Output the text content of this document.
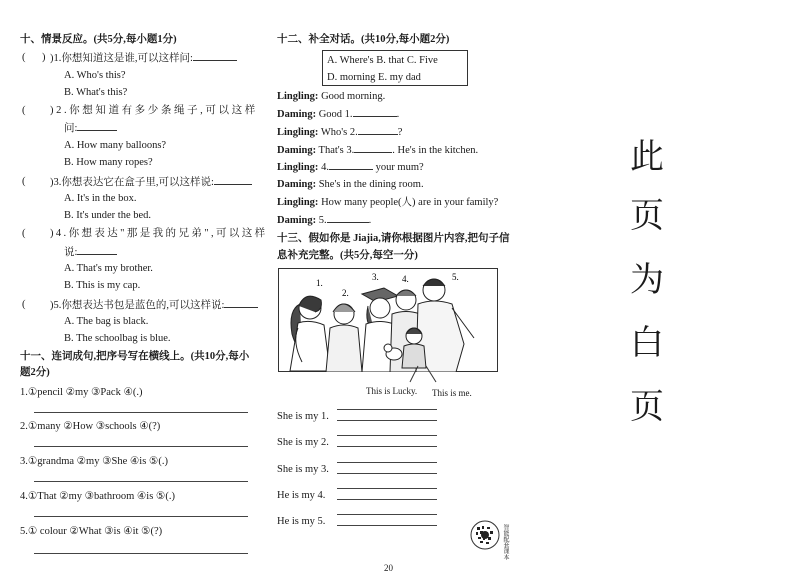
十、情景反应。(共5分,每小题1分)
( )1.你想知道这是谁,可以这样问:
A. Who's this?
B. What's this?
( )2.你想知道有多少条绳子,可以这样
问:
A. How many balloons?
B. How many ropes?
( )3.你想表达它在盒子里,可以这样说:
A. It's in the box.
B. It's under the bed.
( )4.你想表达"那是我的兄弟",可以这样
说:
A. That's my brother.
B. This is my cap.
( )5.你想表达书包是蓝色的,可以这样说:
A. The bag is black.
B. The schoolbag is blue.
)
十一、连词成句,把序号写在横线上。(共10分,每小
题2分)
1.①pencil ②my ③Pack ④(.)
2.①many ②How ③schools ④(?)
3.①grandma ②my ③She ④is ⑤(.)
4.①That ②my ③bathroom ④is ⑤(.)
5.① colour ②What ③is ④it ⑤(?)
十二、补全对话。(共10分,每小题2分)
A. Where's B. that C. Five
D. morning E. my dad
Lingling: Good morning.
Daming: Good 1.	.
Lingling: Who's 2.	?
Daming: That's 3.	. He's in the kitchen.
Lingling: 4.	your mum?
Daming: She's in the dining room.
Lingling: How many people(人) are in your family?
Daming: 5.	.
十三、假如你是 Jiajia,请你根据图片内容,把句子信
息补充完整。(共5分,每空一分)
1.
2.
3.	4.	5.
This is Lucky. This is me.
She is my 1.
She is my 2.
She is my 3.
He is my 4.
He is my 5.
智能配套课本
此
页
为
白
页
20
